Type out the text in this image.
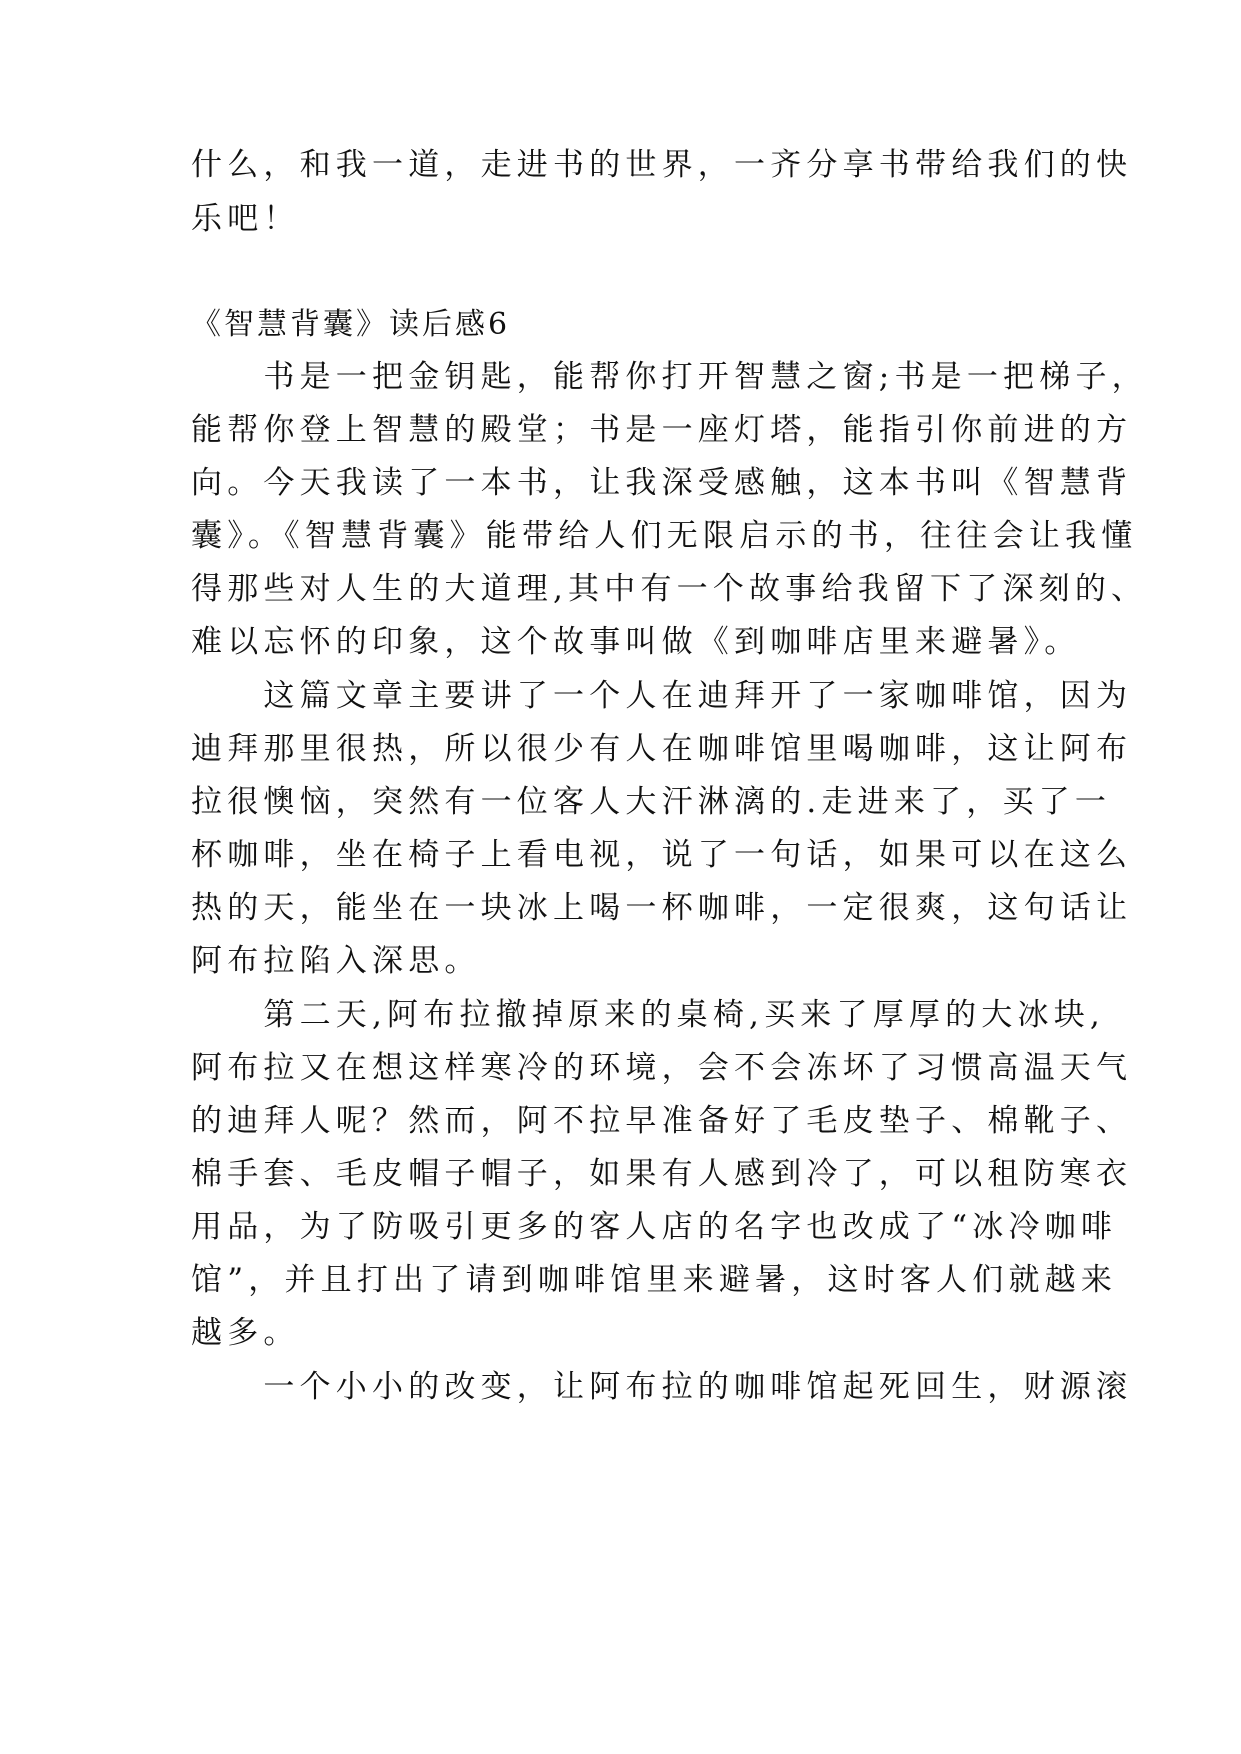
什么，和我一道，走进书的世界，一齐分享书带给我们的快
乐吧！
《智慧背囊》读后感6
　　书是一把金钥匙，能帮你打开智慧之窗;书是一把梯子，
能帮你登上智慧的殿堂；书是一座灯塔，能指引你前进的方
向。今天我读了一本书，让我深受感触，这本书叫《智慧背
囊》。《智慧背囊》能带给人们无限启示的书，往往会让我懂
得那些对人生的大道理,其中有一个故事给我留下了深刻的、
难以忘怀的印象，这个故事叫做《到咖啡店里来避暑》。
　　这篇文章主要讲了一个人在迪拜开了一家咖啡馆，因为
迪拜那里很热，所以很少有人在咖啡馆里喝咖啡，这让阿布
拉很懊恼，突然有一位客人大汗淋漓的.走进来了，买了一
杯咖啡，坐在椅子上看电视，说了一句话，如果可以在这么
热的天，能坐在一块冰上喝一杯咖啡，一定很爽，这句话让
阿布拉陷入深思。
　　第二天,阿布拉撤掉原来的桌椅,买来了厚厚的大冰块,
阿布拉又在想这样寒冷的环境，会不会冻坏了习惯高温天气
的迪拜人呢？然而，阿不拉早准备好了毛皮垫子、棉靴子、
棉手套、毛皮帽子帽子，如果有人感到冷了，可以租防寒衣
用品，为了防吸引更多的客人店的名字也改成了“冰冷咖啡
馆”，并且打出了请到咖啡馆里来避暑，这时客人们就越来
越多。
　　一个小小的改变，让阿布拉的咖啡馆起死回生，财源滚
